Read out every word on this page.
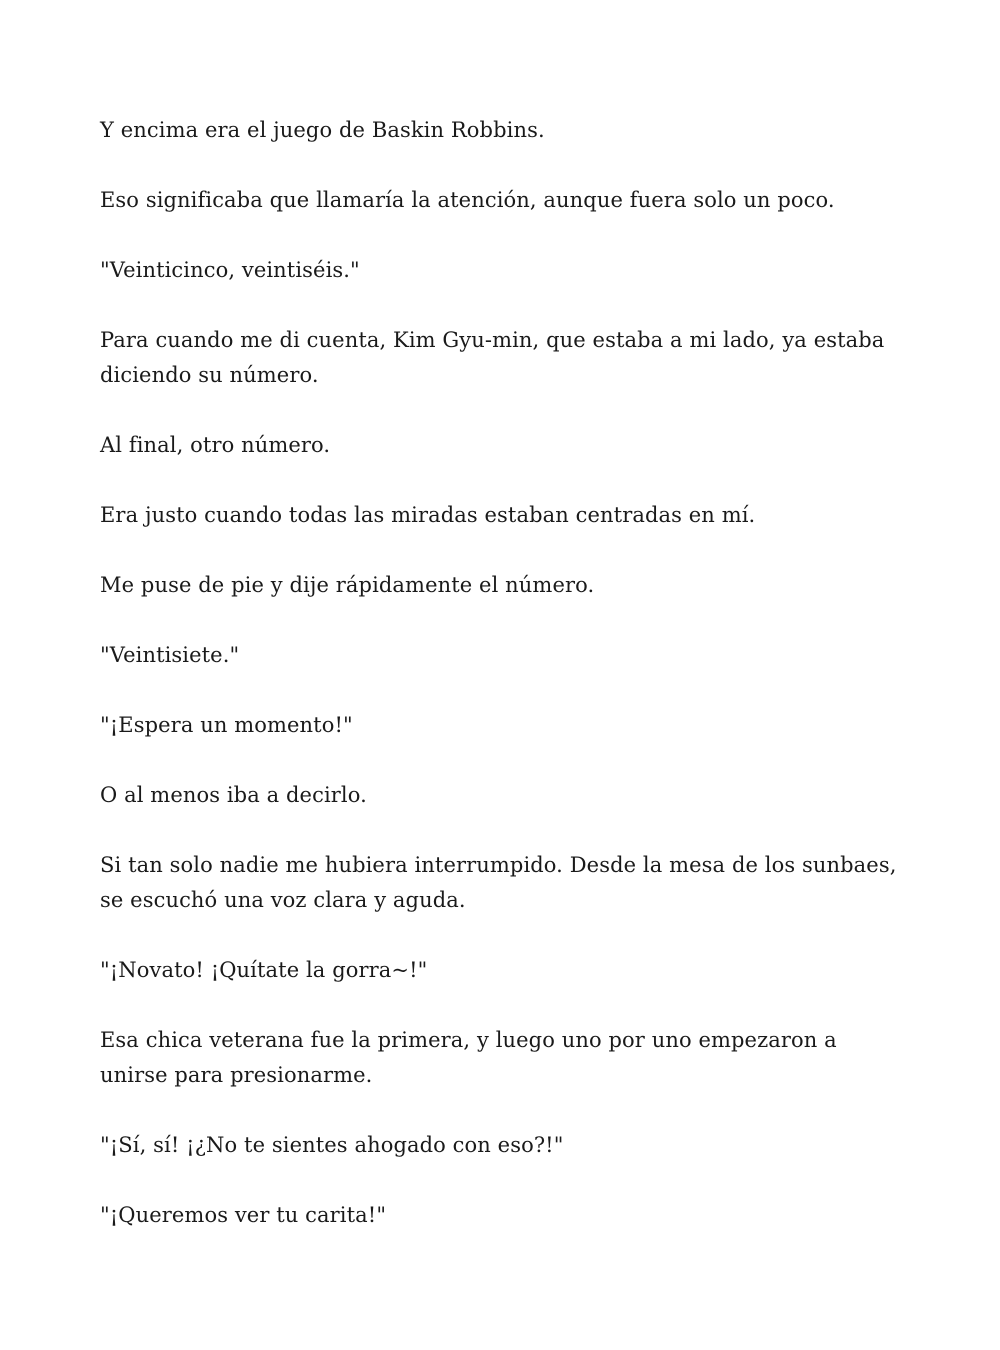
Y encima era el juego de Baskin Robbins.

Eso significaba que llamaría la atención, aunque fuera solo un poco.

"Veinticinco, veintiséis."

Para cuando me di cuenta, Kim Gyu-min, que estaba a mi lado, ya estaba diciendo su número.

Al final, otro número.

Era justo cuando todas las miradas estaban centradas en mí.

Me puse de pie y dije rápidamente el número.

"Veintisiete."

"¡Espera un momento!"

O al menos iba a decirlo.

Si tan solo nadie me hubiera interrumpido. Desde la mesa de los sunbaes, se escuchó una voz clara y aguda.

"¡Novato! ¡Quítate la gorra~!"

Esa chica veterana fue la primera, y luego uno por uno empezaron a unirse para presionarme.

"¡Sí, sí! ¡¿No te sientes ahogado con eso?!"

"¡Queremos ver tu carita!"
